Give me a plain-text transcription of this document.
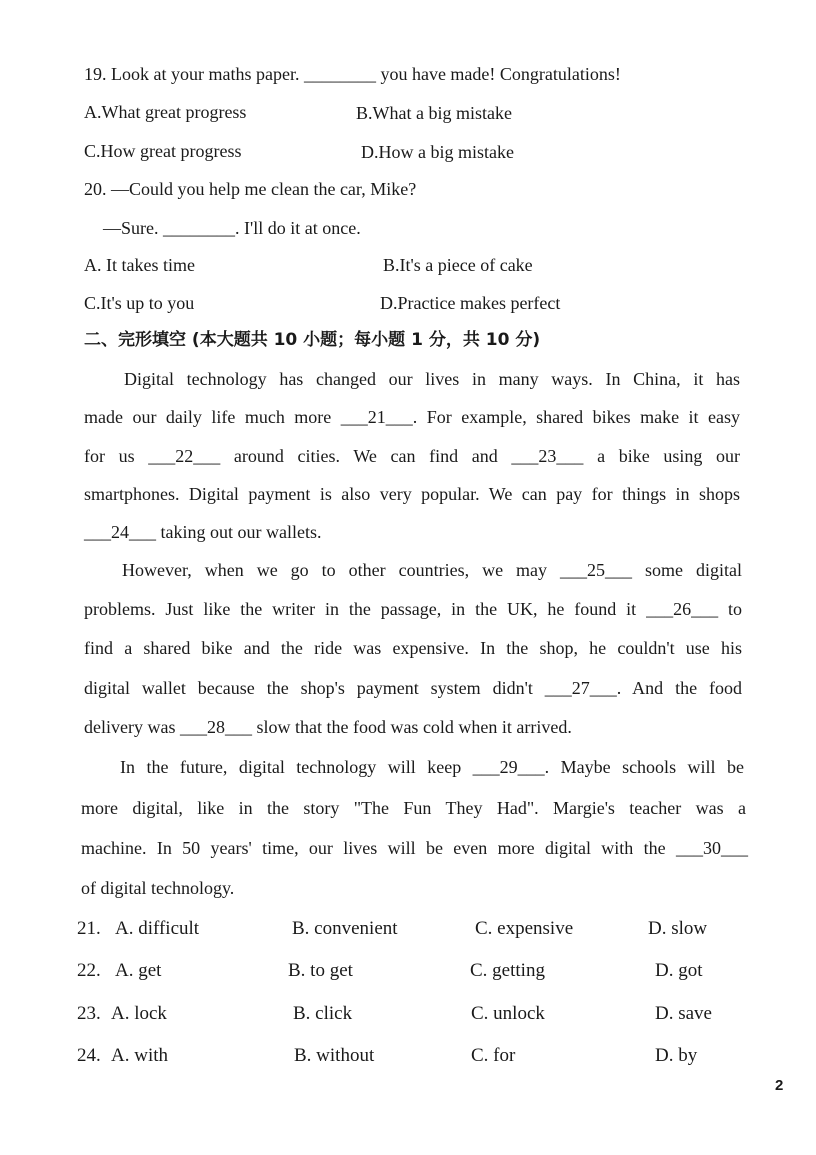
19. Look at your maths paper. ________ you have made! Congratulations!
A.What great progress	B.What a big mistake
C.How great progress	D.How a big mistake
20. —Could you help me clean the car, Mike?
—Sure. ________. I'll do it at once.
A. It takes time	B.It's a piece of cake
C.It's up to you	D.Practice makes perfect
二、完形填空 (本大题共 10 小题；每小题 1 分，共 10 分)
Digital technology has changed our lives in many ways. In China, it has
made our daily life much more ___21___. For example, shared bikes make it easy
for us ___22___ around cities. We can find and ___23___ a bike using our
smartphones. Digital payment is also very popular. We can pay for things in shops
___24___ taking out our wallets.
However, when we go to other countries, we may ___25___ some digital
problems. Just like the writer in the passage, in the UK, he found it ___26___ to
find a shared bike and the ride was expensive. In the shop, he couldn't use his
digital wallet because the shop's payment system didn't ___27___. And the food
delivery was ___28___ slow that the food was cold when it arrived.
In the future, digital technology will keep ___29___. Maybe schools will be
more digital, like in the story "The Fun They Had". Margie's teacher was a
machine. In 50 years' time, our lives will be even more digital with the ___30___
of digital technology.
21. A. difficult	B. convenient	C. expensive	D. slow
22. A. get	B. to get	C. getting	D. got
23. A. lock	B. click	C. unlock	D. save
24. A. with	B. without	C. for	D. by
2
